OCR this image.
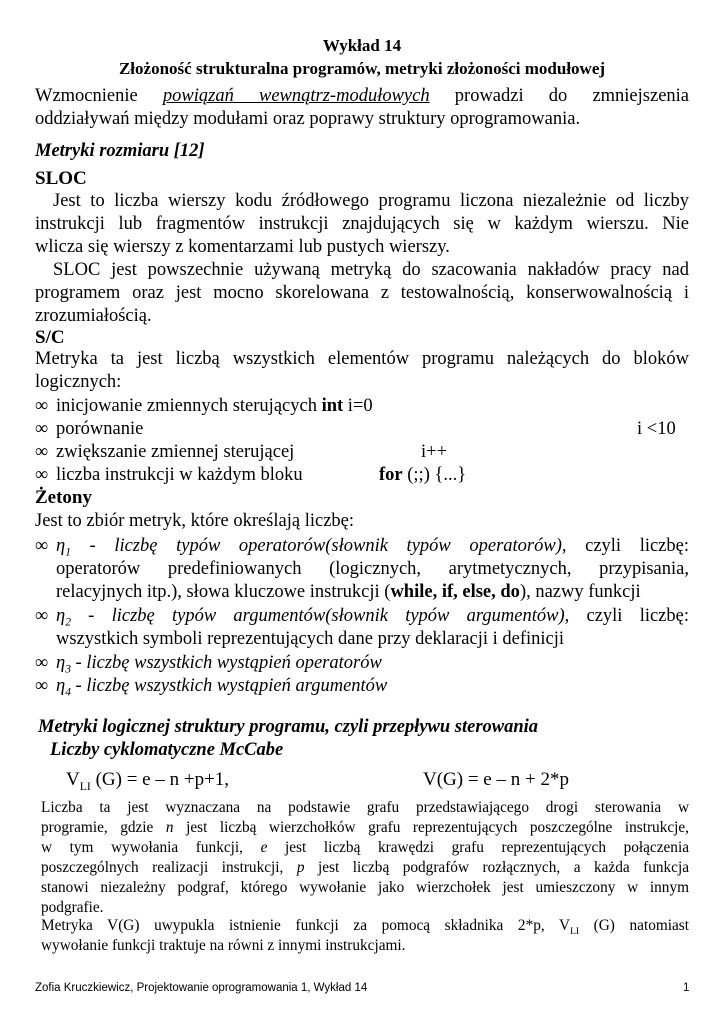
Wykład 14
Złożoność strukturalna programów, metryki złożoności modułowej
Wzmocnienie powiązań wewnątrz-modułowych prowadzi do zmniejszenia
oddziaływań między modułami oraz poprawy struktury oprogramowania.
Metryki rozmiaru [12]
SLOC
Jest to liczba wierszy kodu źródłowego programu liczona niezależnie od liczby
instrukcji lub fragmentów instrukcji znajdujących się w każdym wierszu. Nie
wlicza się wierszy z komentarzami lub pustych wierszy.
SLOC jest powszechnie używaną metryką do szacowania nakładów pracy nad
programem oraz jest mocno skorelowana z testowalnością, konserwowalnością i
zrozumiałością.
S/C
Metryka ta jest liczbą wszystkich elementów programu należących do bloków
logicznych:
∞ inicjowanie zmiennych sterujących int i=0
∞ porównanie	i <10
∞ zwiększanie zmiennej sterującej	i++
∞ liczba instrukcji w każdym bloku	for (;;) {...}
Żetony
Jest to zbiór metryk, które określają liczbę:
∞ $\eta_1$ - liczbę typów operatorów(słownik typów operatorów), czyli liczbę:
operatorów predefiniowanych (logicznych, arytmetycznych, przypisania,
relacyjnych itp.), słowa kluczowe instrukcji (while, if, else, do), nazwy funkcji
∞ $\eta_2$ - liczbę typów argumentów(słownik typów argumentów), czyli liczbę:
wszystkich symboli reprezentujących dane przy deklaracji i definicji
∞ $\eta_3$ - liczbę wszystkich wystąpień operatorów
∞ $\eta_4$ - liczbę wszystkich wystąpień argumentów
Metryki logicznej struktury programu, czyli przepływu sterowania
Liczby cyklomatyczne McCabe
$V_{LI}$ (G) = e – n +p+1,	V(G) = e – n + 2*p
Liczba ta jest wyznaczana na podstawie grafu przedstawiającego drogi sterowania w
programie, gdzie n jest liczbą wierzchołków grafu reprezentujących poszczególne instrukcje,
w tym wywołania funkcji, e jest liczbą krawędzi grafu reprezentujących połączenia
poszczególnych realizacji instrukcji, p jest liczbą podgrafów rozłącznych, a każda funkcja
stanowi niezależny podgraf, którego wywołanie jako wierzchołek jest umieszczony w innym
podgrafie.
Metryka V(G) uwypukla istnienie funkcji za pomocą składnika 2*p, $V_{LI}$ (G) natomiast
wywołanie funkcji traktuje na równi z innymi instrukcjami.
Zofia Kruczkiewicz, Projektowanie oprogramowania 1, Wykład 14	1
